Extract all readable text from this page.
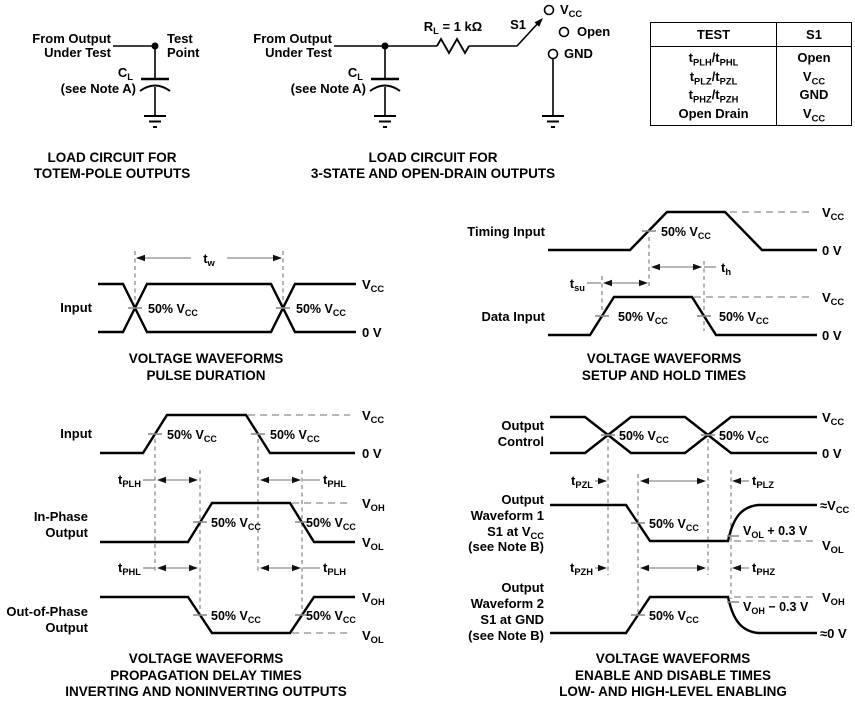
From Output
Under Test
Test
Point
$C_L$
(see Note A)
LOAD CIRCUIT FOR
TOTEM-POLE OUTPUTS
From Output
Under Test
$R_L = 1$ kΩ S1
$V_{CC}$
Open
GND
$C_L$
(see Note A)
LOAD CIRCUIT FOR
3-STATE AND OPEN-DRAIN OUTPUTS
Input
$t_w$
50% $V_{CC}$	50% $V_{CC}$
$V_{CC}$
0 V
VOLTAGE WAVEFORMS
PULSE DURATION
Timing Input	50% $V_{CC}$
$V_{CC}$
0 V
$t_h$
$t_{su}$
Data Input	50% $V_{CC}$	50% $V_{CC}$
$V_{CC}$
0 V
VOLTAGE WAVEFORMS
SETUP AND HOLD TIMES
Input	50% $V_{CC}$	50% $V_{CC}$
$V_{CC}$
0 V
$t_{PLH}$	$t_{PHL}$
In-Phase
Output
50% $V_{CC}$	50% $V_{CC}$
$V_{OH}$
$V_{OL}$
$t_{PHL}$	$t_{PLH}$
Out-of-Phase
Output
50% $V_{CC}$	50% $V_{CC}$
$V_{OH}$
$V_{OL}$
VOLTAGE WAVEFORMS
PROPAGATION DELAY TIMES
INVERTING AND NONINVERTING OUTPUTS
Output
Control	50% $V_{CC}$	50% $V_{CC}$
$V_{CC}$
0 V
$t_{PZL}$	$t_{PLZ}$
Output
Waveform 1
S1 at $V_{CC}$
(see Note B)
50% $V_{CC}$	$V_{OL} + 0.3$ V
$\approx V_{CC}$
$V_{OL}$
$t_{PZH}$	$t_{PHZ}$
Output
Waveform 2
S1 at GND
(see Note B)
50% $V_{CC}$
$V_{OH} - 0.3$ V
$V_{OH}$
≈0 V
VOLTAGE WAVEFORMS
ENABLE AND DISABLE TIMES
LOW- AND HIGH-LEVEL ENABLING
TEST	S1
$t_{PLH}/t_{PHL}$	Open
$t_{PLZ}/t_{PZL}$	$V_{CC}$
$t_{PHZ}/t_{PZH}$	GND
Open Drain	$V_{CC}$
